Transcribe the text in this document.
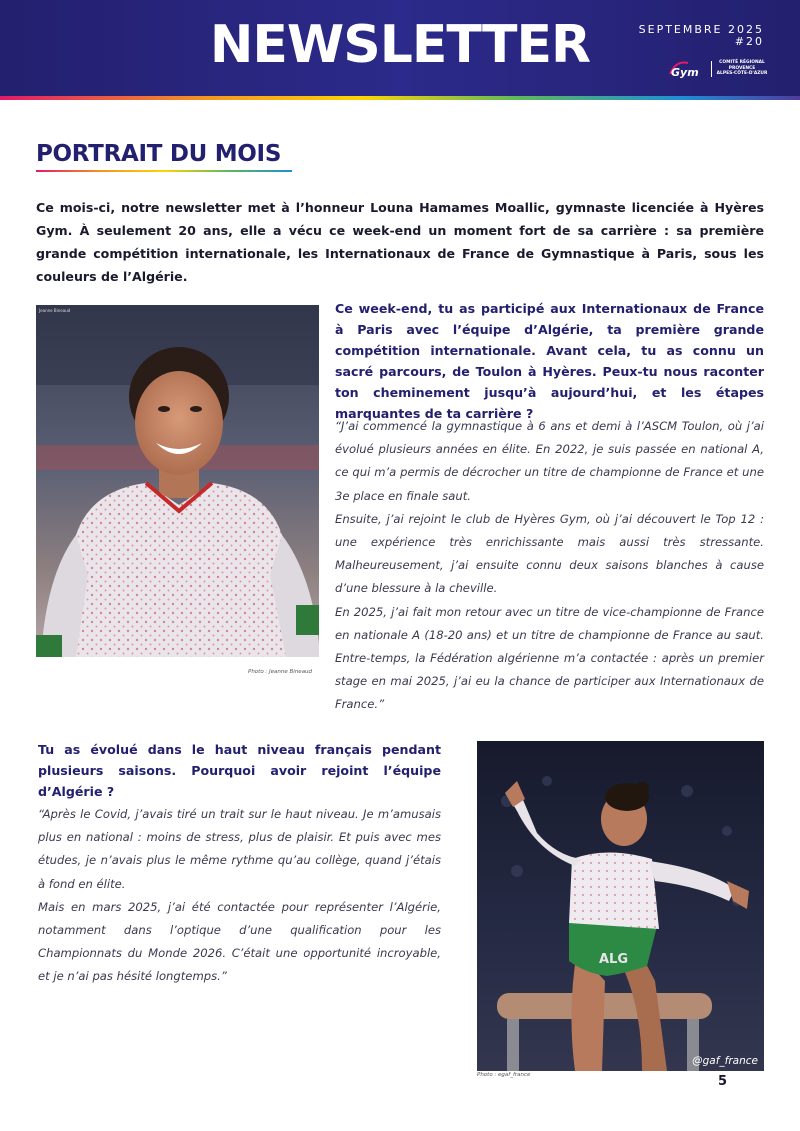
NEWSLETTER	SEPTEMBRE 2025
#20
Gym
COMITÉ RÉGIONAL
PROVENCE
ALPES-CÔTE-D'AZUR
PORTRAIT DU MOIS

Ce mois-ci, notre newsletter met à l’honneur Louna Hamames Moallic, gymnaste licenciée à Hyères Gym. À seulement 20 ans, elle a vécu ce week-end un moment fort de sa carrière : sa première grande compétition internationale, les Internationaux de France de Gymnastique à Paris, sous les couleurs de l’Algérie.

Jeanne Bineaud
Photo : Jeanne Bineaud

Ce week-end, tu as participé aux Internationaux de France à Paris avec l’équipe d’Algérie, ta première grande compétition internationale. Avant cela, tu as connu un sacré parcours, de Toulon à Hyères. Peux-tu nous raconter ton cheminement jusqu’à aujourd’hui, et les étapes marquantes de ta carrière ?

“J’ai commencé la gymnastique à 6 ans et demi à l’ASCM Toulon, où j’ai évolué plusieurs années en élite. En 2022, je suis passée en national A, ce qui m’a permis de décrocher un titre de championne de France et une 3e place en finale saut.

Ensuite, j’ai rejoint le club de Hyères Gym, où j’ai découvert le Top 12 : une expérience très enrichissante mais aussi très stressante. Malheureusement, j’ai ensuite connu deux saisons blanches à cause d’une blessure à la cheville.

En 2025, j’ai fait mon retour avec un titre de vice-championne de France en nationale A (18-20 ans) et un titre de championne de France au saut. Entre-temps, la Fédération algérienne m’a contactée : après un premier stage en mai 2025, j’ai eu la chance de participer aux Internationaux de France.”

Tu as évolué dans le haut niveau français pendant plusieurs saisons. Pourquoi avoir rejoint l’équipe d’Algérie ?

“Après le Covid, j’avais tiré un trait sur le haut niveau. Je m’amusais plus en national : moins de stress, plus de plaisir. Et puis avec mes études, je n’avais plus le même rythme qu’au collège, quand j’étais à fond en élite.

Mais en mars 2025, j’ai été contactée pour représenter l’Algérie, notamment dans l’optique d’une qualification pour les Championnats du Monde 2026. C’était une opportunité incroyable, et je n’ai pas hésité longtemps.”

ALG
@gaf_france
Photo : egaf_france	5
